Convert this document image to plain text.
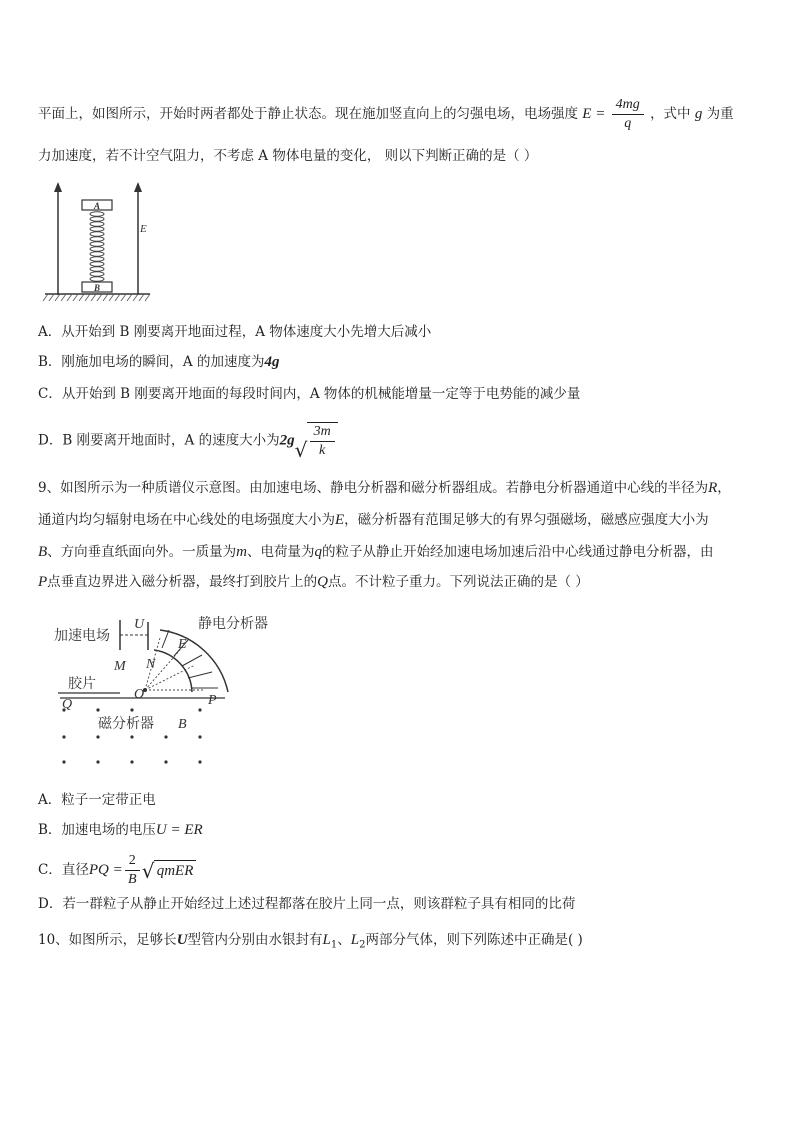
平面上，如图所示，开始时两者都处于静止状态。现在施加竖直向上的匀强电场，电场强度 $E = \frac{4mg}{q}$ ，式中 g 为重
力加速度，若不计空气阻力，不考虑 A 物体电量的变化， 则以下判断正确的是（ ）
A
B
E
A．从开始到 B 刚要离开地面过程，A 物体速度大小先增大后减小
B．刚施加电场的瞬间，A 的加速度为4g
C．从开始到 B 刚要离开地面的每段时间内，A 物体的机械能增量一定等于电势能的减少量
D．B 刚要离开地面时，A 的速度大小为2g √ $\frac{3m}{k}$
9、如图所示为一种质谱仪示意图。由加速电场、静电分析器和磁分析器组成。若静电分析器通道中心线的半径为R，
通道内均匀辐射电场在中心线处的电场强度大小为E，磁分析器有范围足够大的有界匀强磁场，磁感应强度大小为
B、方向垂直纸面向外。一质量为m、电荷量为q的粒子从静止开始经加速电场加速后沿中心线通过静电分析器，由
P点垂直边界进入磁分析器，最终打到胶片上的Q点。不计粒子重力。下列说法正确的是（ ）
加速电场
U	静电分析器
E
M N
胶片
O	P
Q
磁分析器 B
A．粒子一定带正电
B．加速电场的电压U = ER
C．直径PQ = $\frac{2}{B}$ √ qmER
D．若一群粒子从静止开始经过上述过程都落在胶片上同一点，则该群粒子具有相同的比荷
10、如图所示，足够长U型管内分别由水银封有$L_1$、$L_2$两部分气体，则下列陈述中正确是( )
